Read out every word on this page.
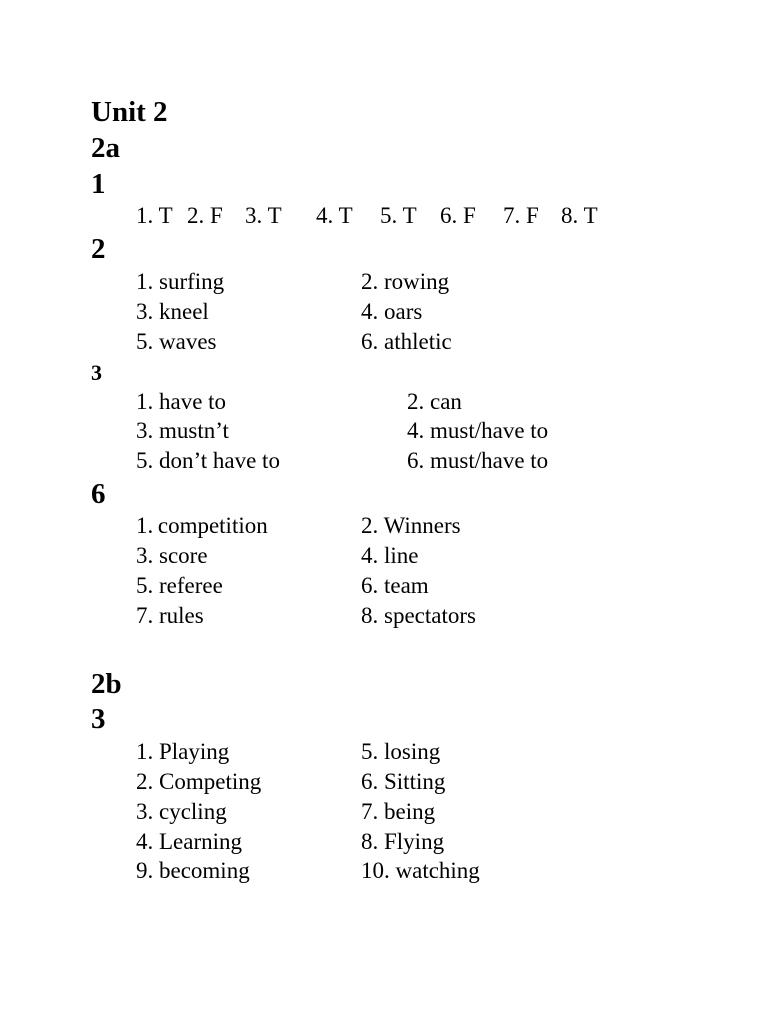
Unit 2
2a
1
1. T 2. F 3. T 4. T 5. T 6. F 7. F 8. T
2
1. surfing
3. kneel
5. waves
2. rowing
4. oars
6. athletic
3
1. have to
3. mustn’t
5. don’t have to
2. can
4. must/have to
6. must/have to
6
1. competition
3. score
5. referee
7. rules
2. Winners
4. line
6. team
8. spectators
2b
3
1. Playing
2. Competing
3. cycling
4. Learning
9. becoming
5. losing
6. Sitting
7. being
8. Flying
10. watching
